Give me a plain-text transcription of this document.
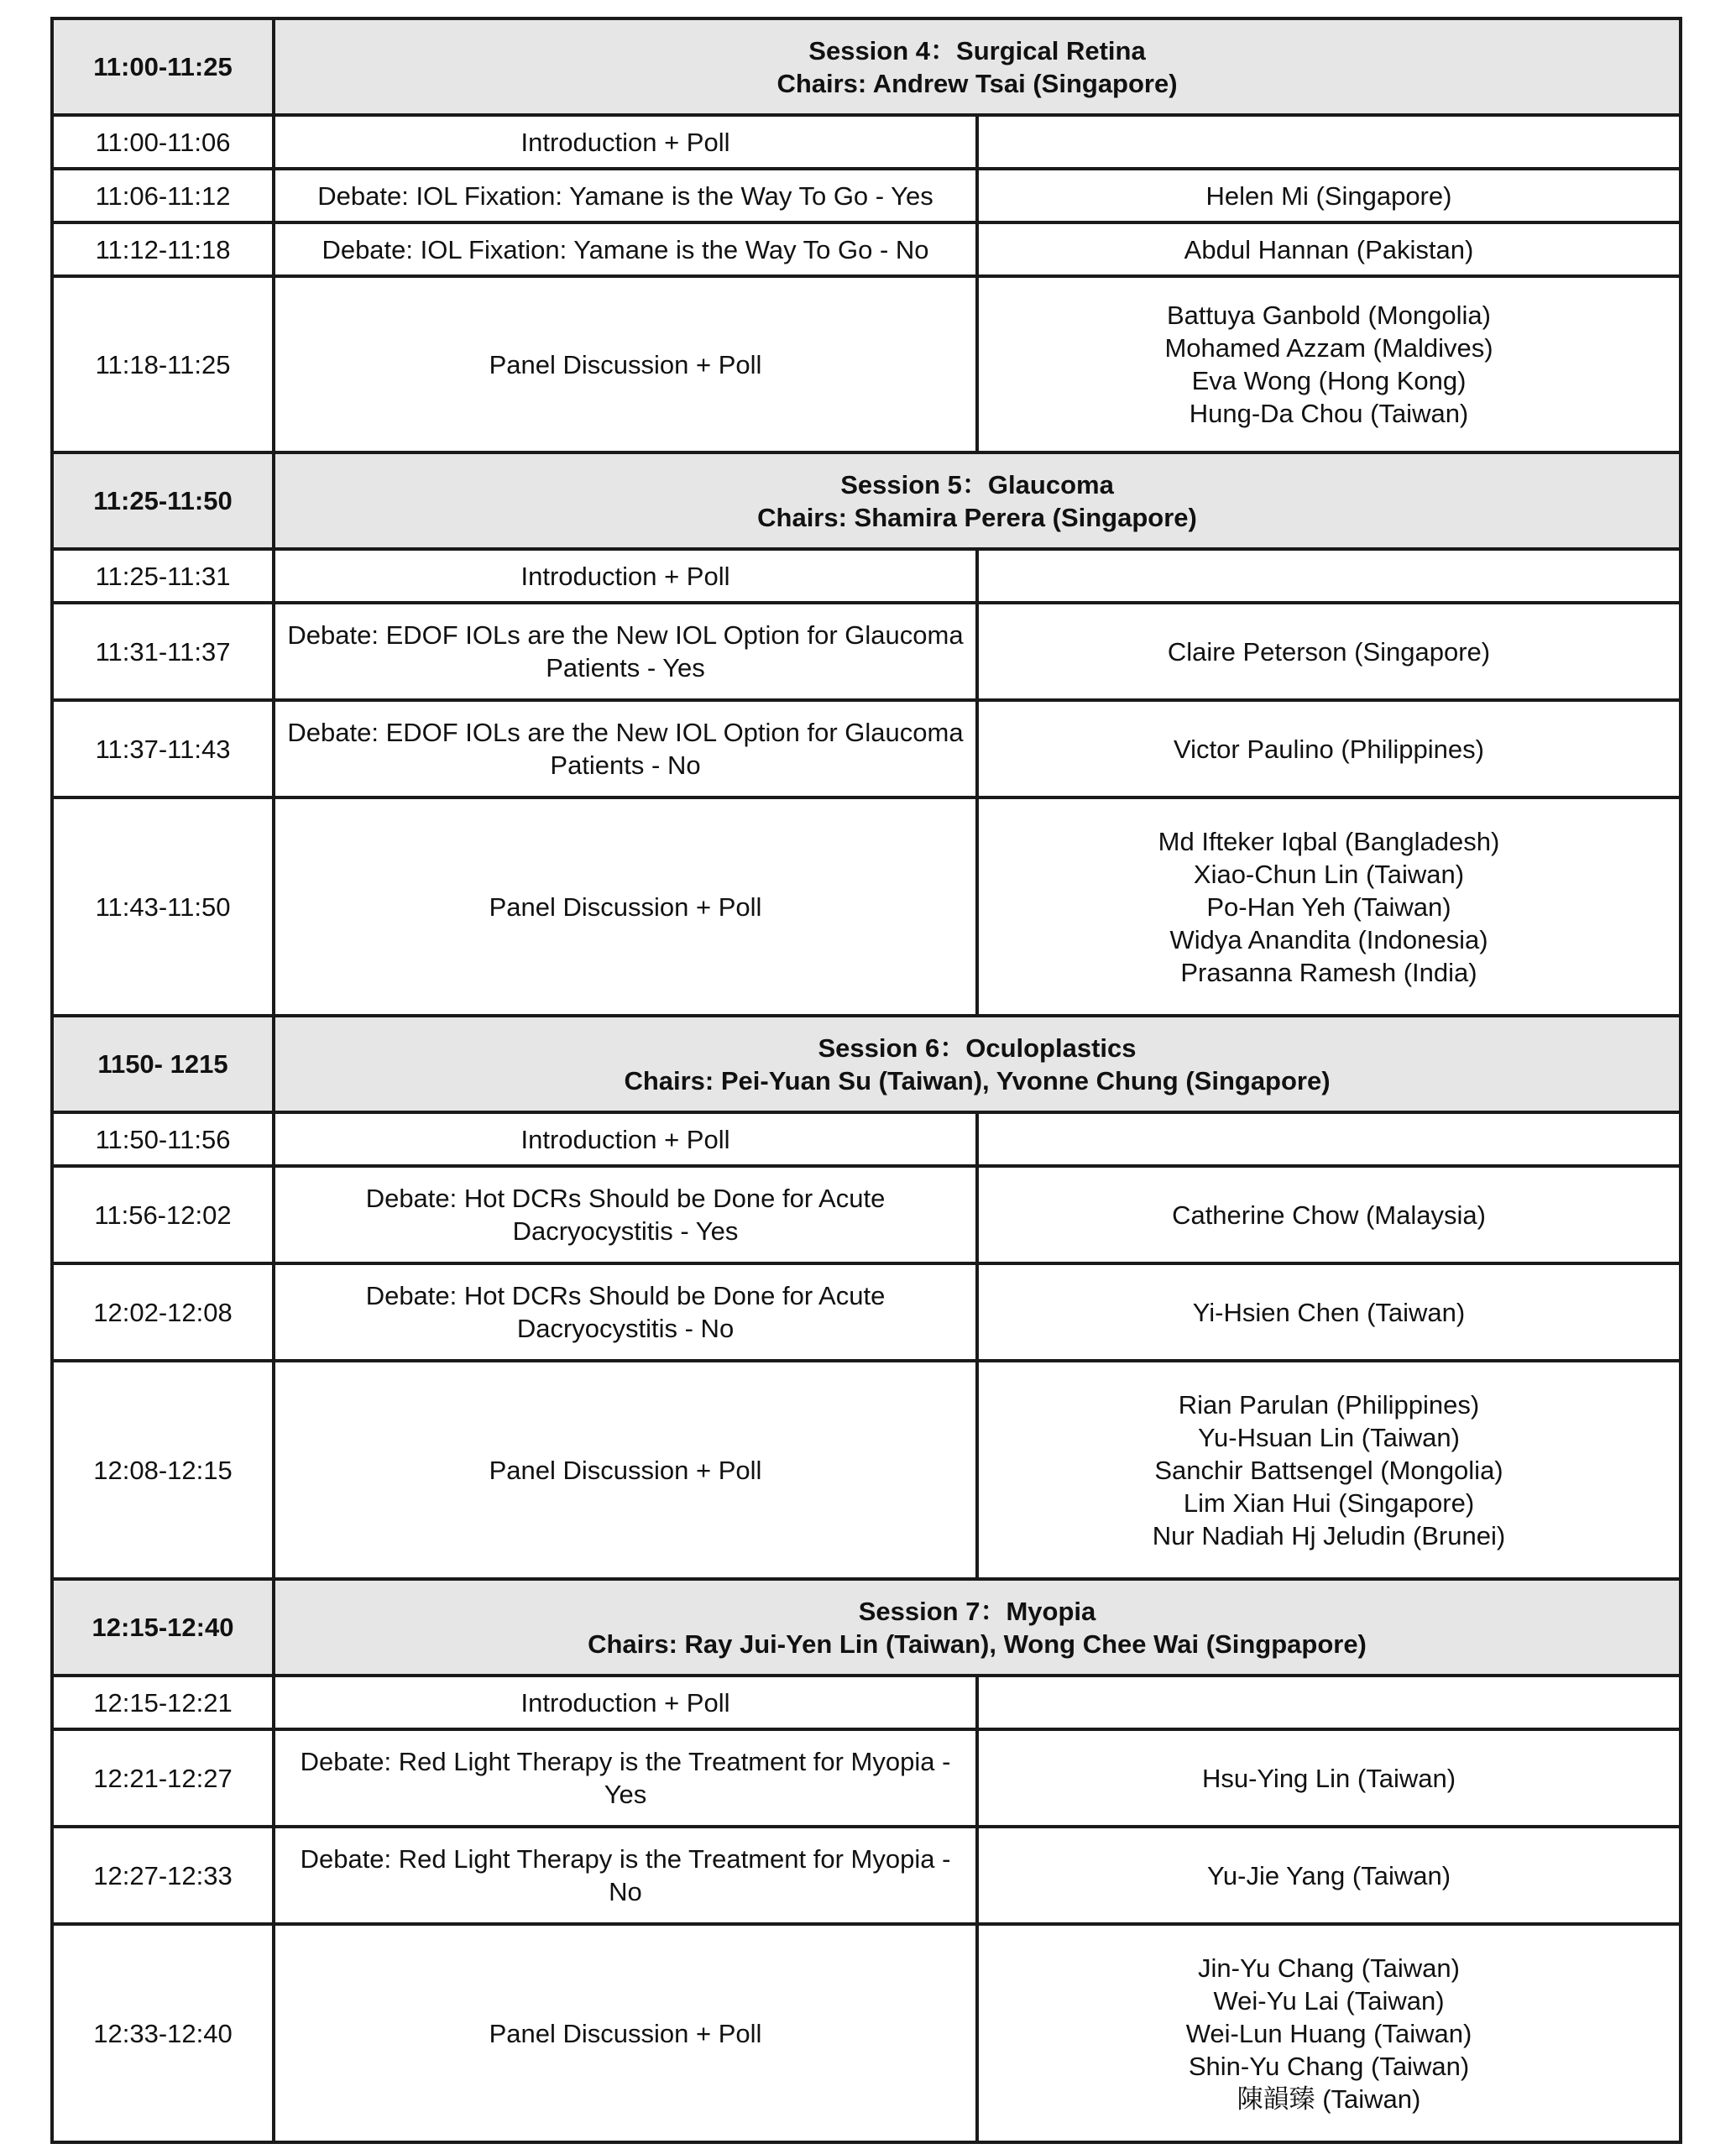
11:00-11:25	Session 4：Surgical Retina
Chairs: Andrew Tsai (Singapore)	

11:00-11:06	Introduction + Poll	
11:06-11:12	Debate: IOL Fixation: Yamane is the Way To Go - Yes	Helen Mi (Singapore)

11:12-11:18	Debate: IOL Fixation: Yamane is the Way To Go - No	Abdul Hannan (Pakistan)

11:18-11:25	Panel Discussion + Poll	Battuya Ganbold (Mongolia)
Mohamed Azzam (Maldives)
Eva Wong (Hong Kong)
Hung-Da Chou (Taiwan)

11:25-11:50	Session 5：Glaucoma
Chairs: Shamira Perera (Singapore)	

11:25-11:31	Introduction + Poll	
11:31-11:37	Debate: EDOF IOLs are the New IOL Option for Glaucoma
Patients - Yes	Claire Peterson (Singapore)

11:37-11:43	Debate: EDOF IOLs are the New IOL Option for Glaucoma
Patients - No	Victor Paulino (Philippines)

11:43-11:50	Panel Discussion + Poll	Md Ifteker Iqbal (Bangladesh)
Xiao-Chun Lin (Taiwan)
Po-Han Yeh (Taiwan)
Widya Anandita (Indonesia)
Prasanna Ramesh (India)

1150- 1215	Session 6：Oculoplastics
Chairs: Pei-Yuan Su (Taiwan), Yvonne Chung (Singapore)	

11:50-11:56	Introduction + Poll	
11:56-12:02	Debate: Hot DCRs Should be Done for Acute
Dacryocystitis - Yes	Catherine Chow (Malaysia)

12:02-12:08	Debate: Hot DCRs Should be Done for Acute
Dacryocystitis - No	Yi-Hsien Chen (Taiwan)

12:08-12:15	Panel Discussion + Poll	Rian Parulan (Philippines)
Yu-Hsuan Lin (Taiwan)
Sanchir Battsengel (Mongolia)
Lim Xian Hui (Singapore)
Nur Nadiah Hj Jeludin (Brunei)

12:15-12:40	Session 7：Myopia
Chairs: Ray Jui-Yen Lin (Taiwan), Wong Chee Wai (Singpapore)	

12:15-12:21	Introduction + Poll	
12:21-12:27	Debate: Red Light Therapy is the Treatment for Myopia -
Yes	Hsu-Ying Lin (Taiwan)

12:27-12:33	Debate: Red Light Therapy is the Treatment for Myopia -
No	Yu-Jie Yang (Taiwan)

12:33-12:40	Panel Discussion + Poll	Jin-Yu Chang (Taiwan)
Wei-Yu Lai (Taiwan)
Wei-Lun Huang (Taiwan)
Shin-Yu Chang (Taiwan)
陳韻臻 (Taiwan)
